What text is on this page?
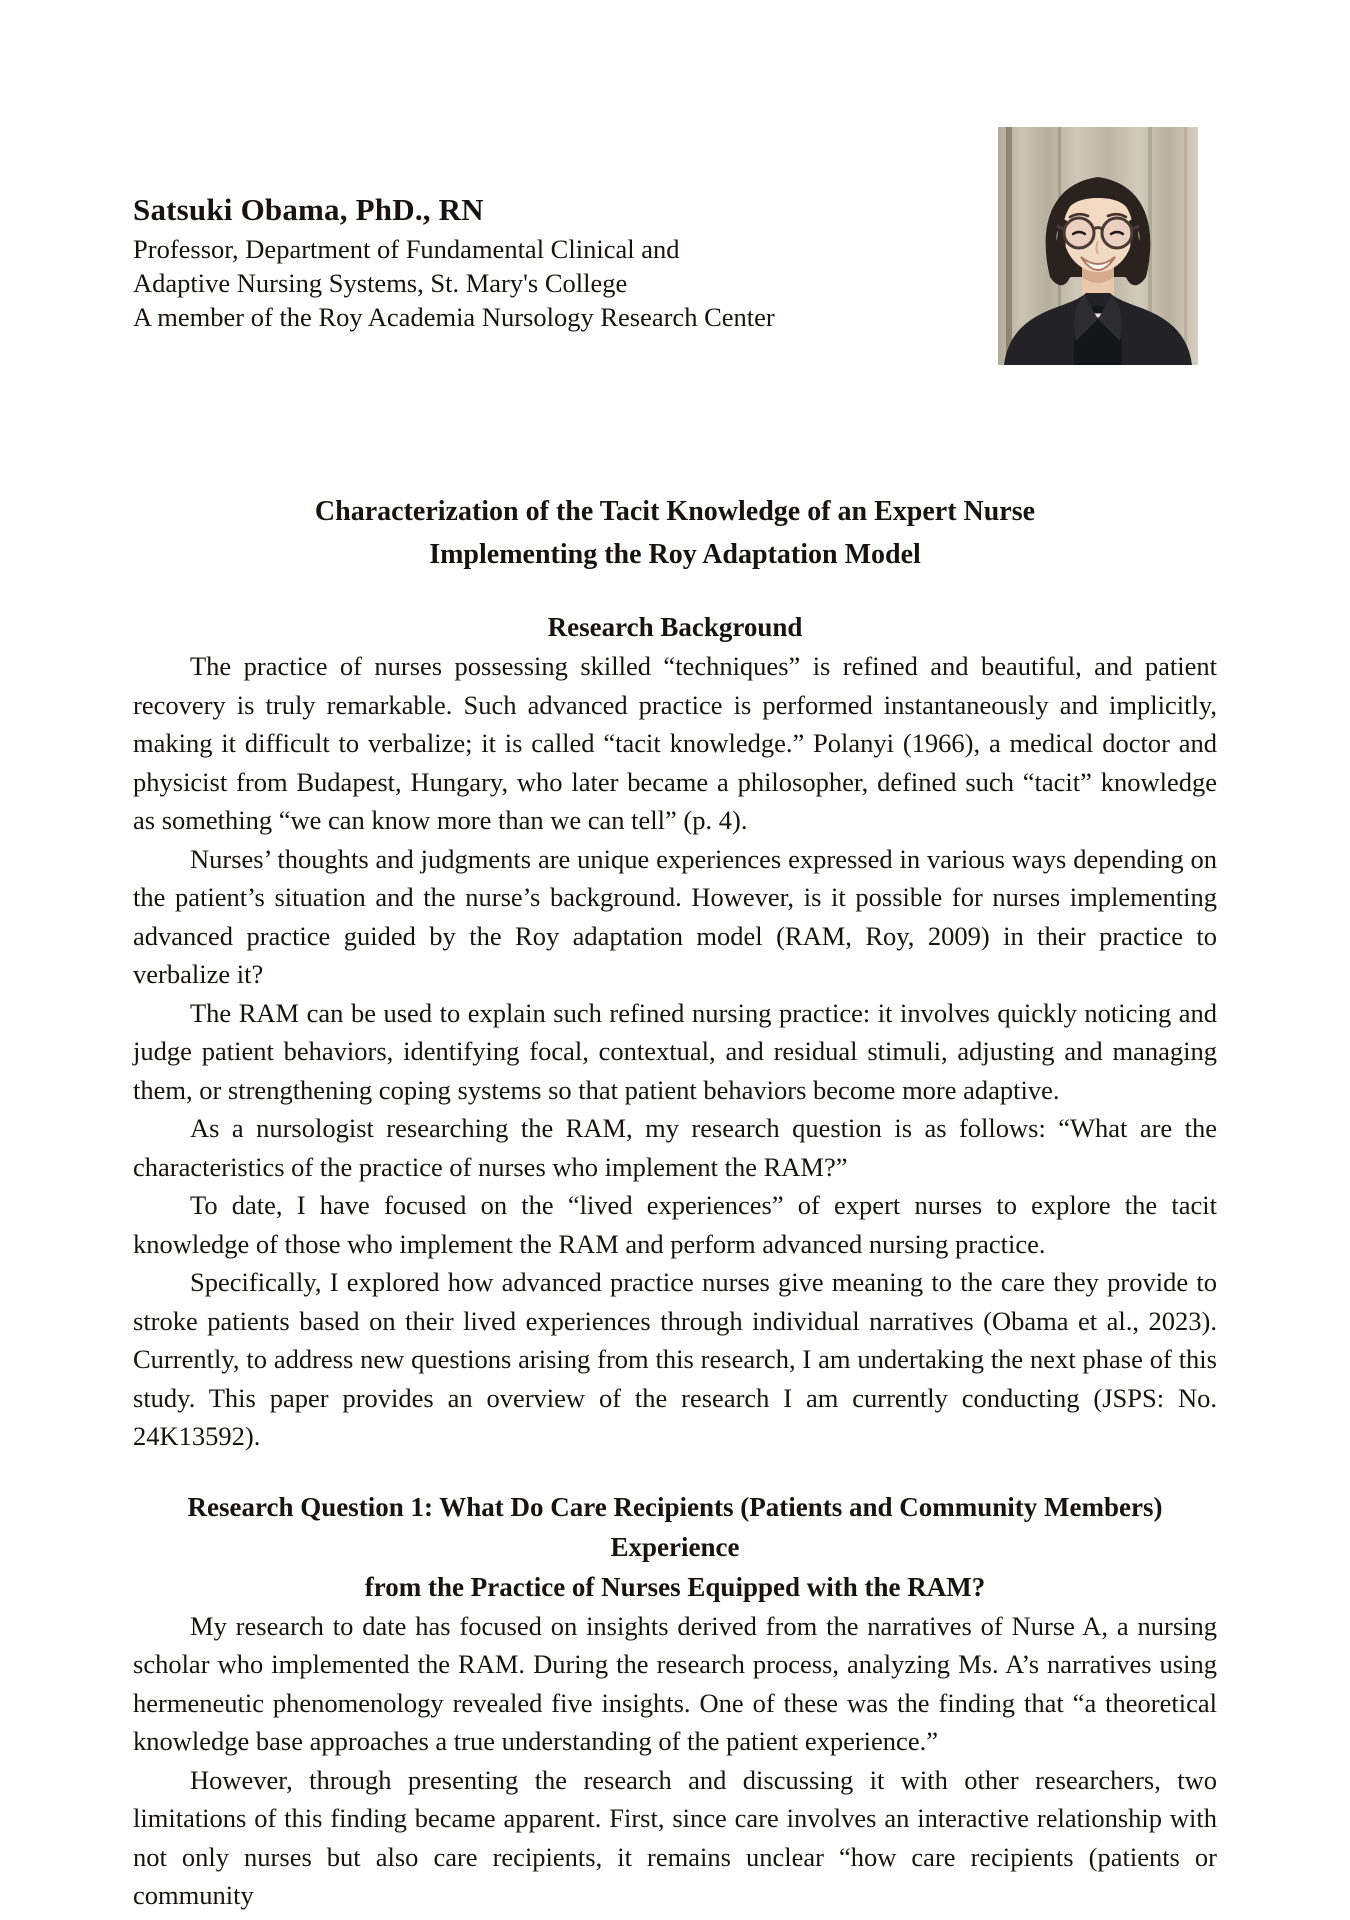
Satsuki Obama, PhD., RN
Professor, Department of Fundamental Clinical and
Adaptive Nursing Systems, St. Mary's College
A member of the Roy Academia Nursology Research Center
Characterization of the Tacit Knowledge of an Expert Nurse
Implementing the Roy Adaptation Model
Research Background

The practice of nurses possessing skilled “techniques” is refined and beautiful, and patient recovery is truly remarkable. Such advanced practice is performed instantaneously and implicitly, making it difficult to verbalize; it is called “tacit knowledge.” Polanyi (1966), a medical doctor and physicist from Budapest, Hungary, who later became a philosopher, defined such “tacit” knowledge as something “we can know more than we can tell” (p. 4).

Nurses’ thoughts and judgments are unique experiences expressed in various ways depending on the patient’s situation and the nurse’s background. However, is it possible for nurses implementing advanced practice guided by the Roy adaptation model (RAM, Roy, 2009) in their practice to verbalize it?

The RAM can be used to explain such refined nursing practice: it involves quickly noticing and judge patient behaviors, identifying focal, contextual, and residual stimuli, adjusting and managing them, or strengthening coping systems so that patient behaviors become more adaptive.

As a nursologist researching the RAM, my research question is as follows: “What are the characteristics of the practice of nurses who implement the RAM?”

To date, I have focused on the “lived experiences” of expert nurses to explore the tacit knowledge of those who implement the RAM and perform advanced nursing practice.

Specifically, I explored how advanced practice nurses give meaning to the care they provide to stroke patients based on their lived experiences through individual narratives (Obama et al., 2023). Currently, to address new questions arising from this research, I am undertaking the next phase of this study. This paper provides an overview of the research I am currently conducting (JSPS: No. 24K13592).

Research Question 1: What Do Care Recipients (Patients and Community Members) Experience
from the Practice of Nurses Equipped with the RAM?

My research to date has focused on insights derived from the narratives of Nurse A, a nursing scholar who implemented the RAM. During the research process, analyzing Ms. A’s narratives using hermeneutic phenomenology revealed five insights. One of these was the finding that “a theoretical knowledge base approaches a true understanding of the patient experience.”

However, through presenting the research and discussing it with other researchers, two limitations of this finding became apparent. First, since care involves an interactive relationship with not only nurses but also care recipients, it remains unclear “how care recipients (patients or community
